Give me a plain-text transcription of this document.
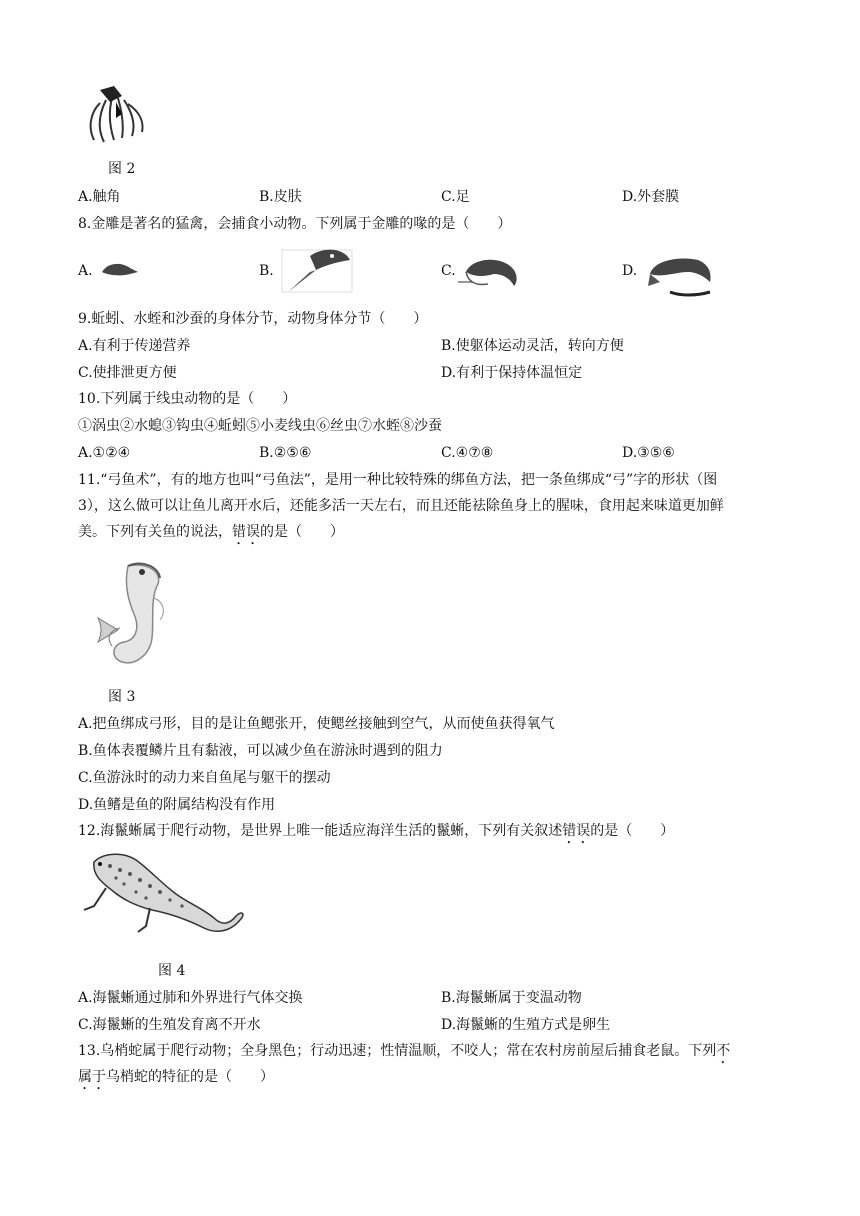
图 2
A.触角	B.皮肤	C.足	D.外套膜
8.金雕是著名的猛禽，会捕食小动物。下列属于金雕的喙的是（　　）
A.	B.	C.	D.
9.蚯蚓、水蛭和沙蚕的身体分节，动物身体分节（　　）
A.有利于传递营养	B.使躯体运动灵活，转向方便
C.使排泄更方便	D.有利于保持体温恒定
10.下列属于线虫动物的是（　　）
①涡虫②水螅③钩虫④蚯蚓⑤小麦线虫⑥丝虫⑦水蛭⑧沙蚕
A.①②④	B.②⑤⑥	C.④⑦⑧	D.③⑤⑥
11.“弓鱼术”，有的地方也叫“弓鱼法”，是用一种比较特殊的绑鱼方法，把一条鱼绑成“弓”字的形状（图
3），这么做可以让鱼儿离开水后，还能多活一天左右，而且还能祛除鱼身上的腥味，食用起来味道更加鲜
美。下列有关鱼的说法，错误的是（　　）
图 3
A.把鱼绑成弓形，目的是让鱼鳃张开，使鳃丝接触到空气，从而使鱼获得氧气
B.鱼体表覆鳞片且有黏液，可以减少鱼在游泳时遇到的阻力
C.鱼游泳时的动力来自鱼尾与躯干的摆动
D.鱼鳍是鱼的附属结构没有作用
12.海鬣蜥属于爬行动物，是世界上唯一能适应海洋生活的鬣蜥，下列有关叙述错误的是（　　）
图 4
A.海鬣蜥通过肺和外界进行气体交换	B.海鬣蜥属于变温动物
C.海鬣蜥的生殖发育离不开水	D.海鬣蜥的生殖方式是卵生
13.乌梢蛇属于爬行动物；全身黑色；行动迅速；性情温顺，不咬人；常在农村房前屋后捕食老鼠。下列不
属于乌梢蛇的特征的是（　　）
